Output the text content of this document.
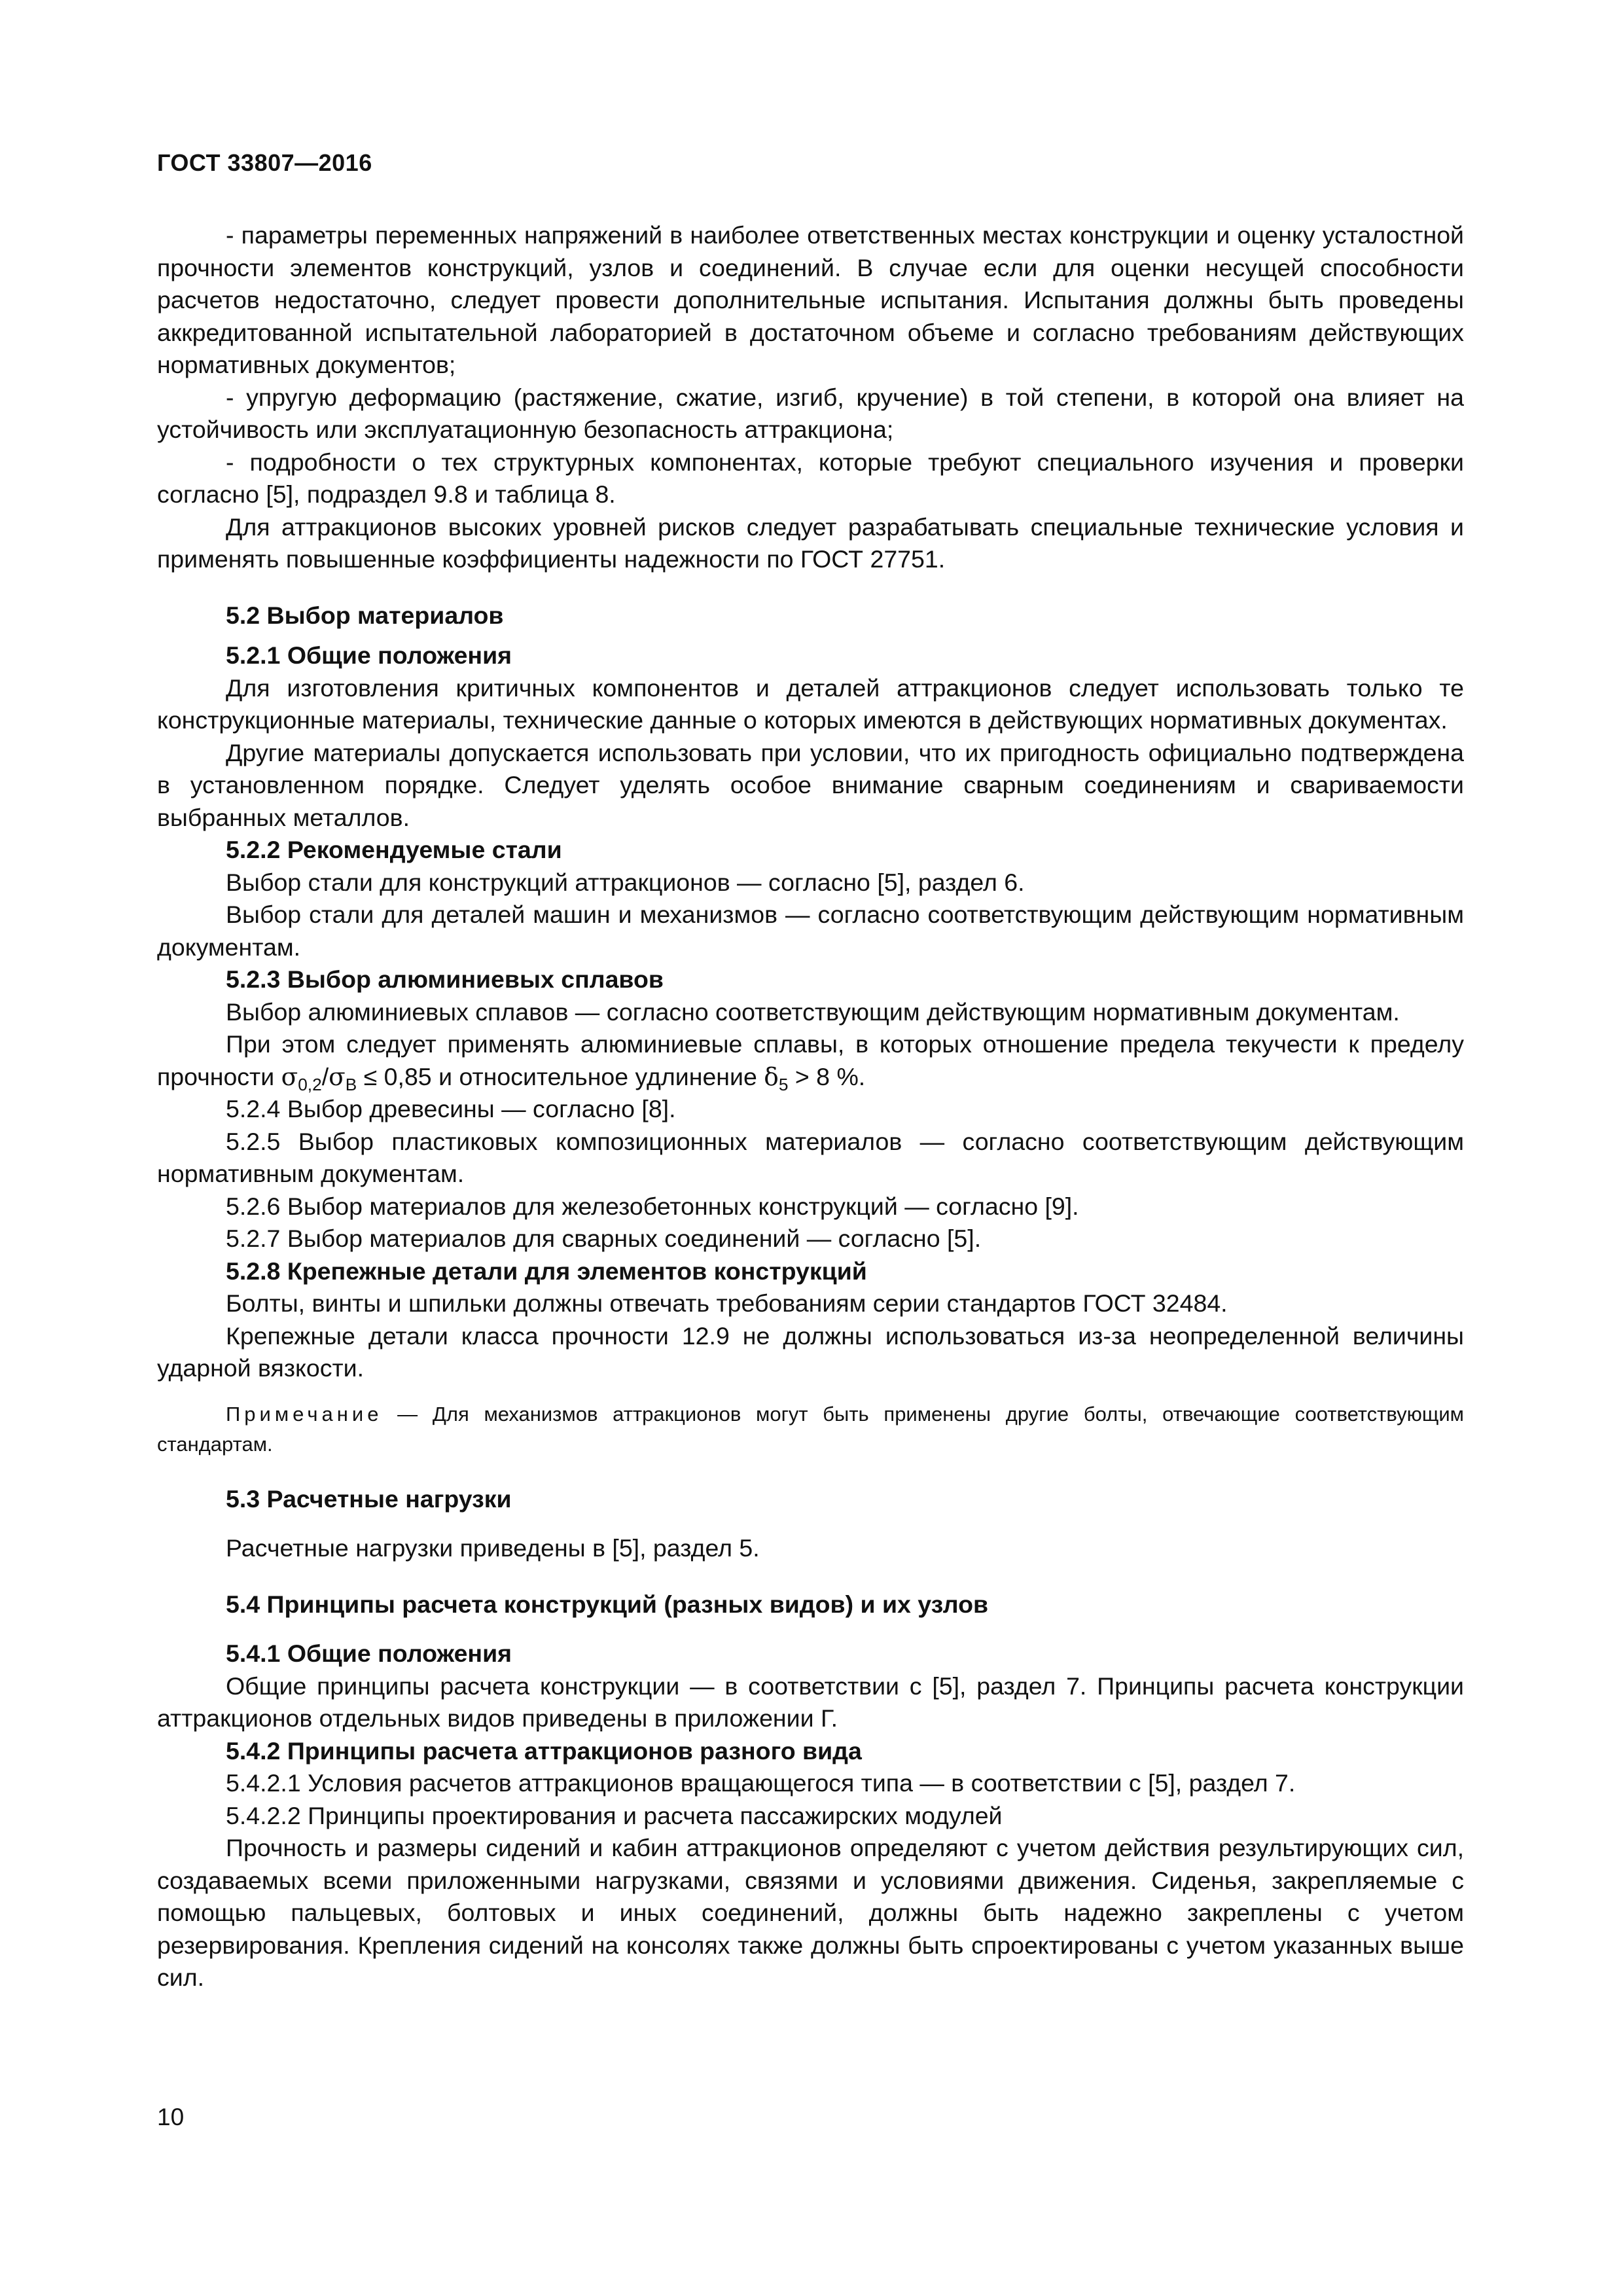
ГОСТ 33807—2016

- параметры переменных напряжений в наиболее ответственных местах конструкции и оценку усталостной прочности элементов конструкций, узлов и соединений. В случае если для оценки несущей способности расчетов недостаточно, следует провести дополнительные испытания. Испытания должны быть проведены аккредитованной испытательной лабораторией в достаточном объеме и согласно требованиям действующих нормативных документов;

- упругую деформацию (растяжение, сжатие, изгиб, кручение) в той степени, в которой она влияет на устойчивость или эксплуатационную безопасность аттракциона;

- подробности о тех структурных компонентах, которые требуют специального изучения и проверки согласно [5], подраздел 9.8 и таблица 8.

Для аттракционов высоких уровней рисков следует разрабатывать специальные технические условия и применять повышенные коэффициенты надежности по ГОСТ 27751.

5.2 Выбор материалов
5.2.1 Общие положения

Для изготовления критичных компонентов и деталей аттракционов следует использовать только те конструкционные материалы, технические данные о которых имеются в действующих нормативных документах.

Другие материалы допускается использовать при условии, что их пригодность официально подтверждена в установленном порядке. Следует уделять особое внимание сварным соединениям и свариваемости выбранных металлов.

5.2.2 Рекомендуемые стали

Выбор стали для конструкций аттракционов — согласно [5], раздел 6.

Выбор стали для деталей машин и механизмов — согласно соответствующим действующим нормативным документам.

5.2.3 Выбор алюминиевых сплавов

Выбор алюминиевых сплавов — согласно соответствующим действующим нормативным документам.

При этом следует применять алюминиевые сплавы, в которых отношение предела текучести к пределу прочности $\sigma_{0,2}/\sigma_B \le 0,85$ и относительное удлинение $\delta_5 > 8$ %.

5.2.4 Выбор древесины — согласно [8].

5.2.5 Выбор пластиковых композиционных материалов — согласно соответствующим действующим нормативным документам.

5.2.6 Выбор материалов для железобетонных конструкций — согласно [9].

5.2.7 Выбор материалов для сварных соединений — согласно [5].

5.2.8 Крепежные детали для элементов конструкций

Болты, винты и шпильки должны отвечать требованиям серии стандартов ГОСТ 32484.

Крепежные детали класса прочности 12.9 не должны использоваться из-за неопределенной величины ударной вязкости.

Примечание — Для механизмов аттракционов могут быть применены другие болты, отвечающие соответствующим стандартам.

5.3 Расчетные нагрузки

Расчетные нагрузки приведены в [5], раздел 5.

5.4 Принципы расчета конструкций (разных видов) и их узлов
5.4.1 Общие положения

Общие принципы расчета конструкции — в соответствии с [5], раздел 7. Принципы расчета конструкции аттракционов отдельных видов приведены в приложении Г.

5.4.2 Принципы расчета аттракционов разного вида

5.4.2.1 Условия расчетов аттракционов вращающегося типа — в соответствии с [5], раздел 7.

5.4.2.2 Принципы проектирования и расчета пассажирских модулей

Прочность и размеры сидений и кабин аттракционов определяют с учетом действия результирующих сил, создаваемых всеми приложенными нагрузками, связями и условиями движения. Сиденья, закрепляемые с помощью пальцевых, болтовых и иных соединений, должны быть надежно закреплены с учетом резервирования. Крепления сидений на консолях также должны быть спроектированы с учетом указанных выше сил.

10
